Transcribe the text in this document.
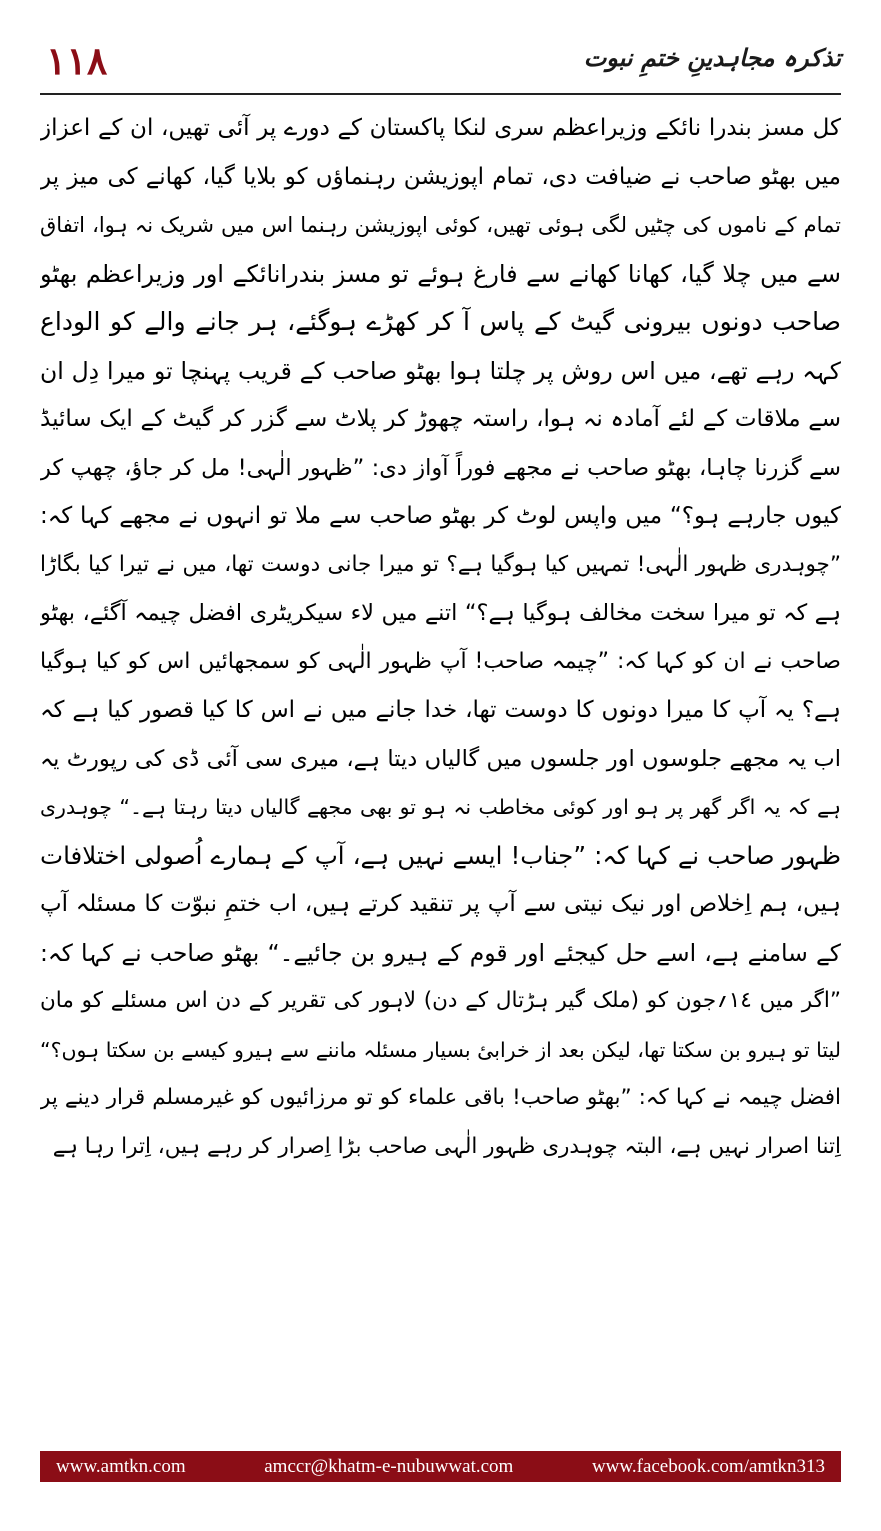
١١٨	تذکرہ مجاہدینِ ختمِ نبوت
کل مسز بندرا نائکے وزیراعظم سری لنکا پاکستان کے دورے پر آئی تھیں، ان کے اعزاز
میں بھٹو صاحب نے ضیافت دی، تمام اپوزیشن رہنماؤں کو بلایا گیا، کھانے کی میز پر
تمام کے ناموں کی چٹیں لگی ہوئی تھیں، کوئی اپوزیشن رہنما اس میں شریک نہ ہوا، اتفاق
سے میں چلا گیا، کھانا کھانے سے فارغ ہوئے تو مسز بندرانائکے اور وزیراعظم بھٹو
صاحب دونوں بیرونی گیٹ کے پاس آ کر کھڑے ہوگئے، ہر جانے والے کو الوداع
کہہ رہے تھے، میں اس روش پر چلتا ہوا بھٹو صاحب کے قریب پہنچا تو میرا دِل ان
سے ملاقات کے لئے آمادہ نہ ہوا، راستہ چھوڑ کر پلاٹ سے گزر کر گیٹ کے ایک سائیڈ
سے گزرنا چاہا، بھٹو صاحب نے مجھے فوراً آواز دی: ”ظہور الٰہی! مل کر جاؤ، چھپ کر
کیوں جارہے ہو؟“ میں واپس لوٹ کر بھٹو صاحب سے ملا تو انہوں نے مجھے کہا کہ:
”چوہدری ظہور الٰہی! تمہیں کیا ہوگیا ہے؟ تو میرا جانی دوست تھا، میں نے تیرا کیا بگاڑا
ہے کہ تو میرا سخت مخالف ہوگیا ہے؟“ اتنے میں لاء سیکریٹری افضل چیمہ آگئے، بھٹو
صاحب نے ان کو کہا کہ: ”چیمہ صاحب! آپ ظہور الٰہی کو سمجھائیں اس کو کیا ہوگیا
ہے؟ یہ آپ کا میرا دونوں کا دوست تھا، خدا جانے میں نے اس کا کیا قصور کیا ہے کہ
اب یہ مجھے جلوسوں اور جلسوں میں گالیاں دیتا ہے، میری سی آئی ڈی کی رپورٹ یہ
ہے کہ یہ اگر گھر پر ہو اور کوئی مخاطب نہ ہو تو بھی مجھے گالیاں دیتا رہتا ہے۔“ چوہدری
ظہور صاحب نے کہا کہ: ”جناب! ایسے نہیں ہے، آپ کے ہمارے اُصولی اختلافات
ہیں، ہم اِخلاص اور نیک نیتی سے آپ پر تنقید کرتے ہیں، اب ختمِ نبوّت کا مسئلہ آپ
کے سامنے ہے، اسے حل کیجئے اور قوم کے ہیرو بن جائیے۔“ بھٹو صاحب نے کہا کہ:
”اگر میں ١٤؍جون کو (ملک گیر ہڑتال کے دن) لاہور کی تقریر کے دن اس مسئلے کو مان
لیتا تو ہیرو بن سکتا تھا، لیکن بعد از خرابیٔ بسیار مسئلہ ماننے سے ہیرو کیسے بن سکتا ہوں؟“
افضل چیمہ نے کہا کہ: ”بھٹو صاحب! باقی علماء کو تو مرزائیوں کو غیرمسلم قرار دینے پر
اِتنا اصرار نہیں ہے، البتہ چوہدری ظہور الٰہی صاحب بڑا اِصرار کر رہے ہیں، اِترا رہا ہے
www.amtkn.com	amccr@khatm-e-nubuwwat.com	www.facebook.com/amtkn313
